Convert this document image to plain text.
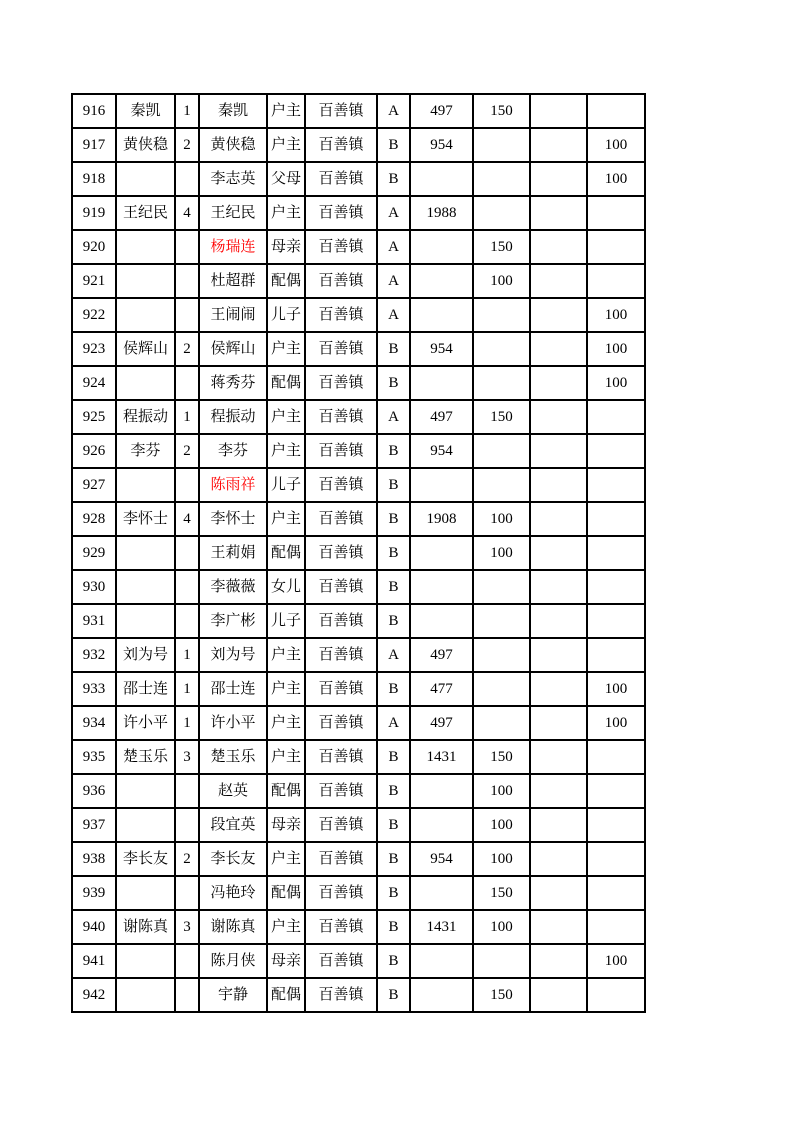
916	秦凯	1	秦凯	户主	百善镇	A	497	150		
917	黄侠稳	2	黄侠稳	户主	百善镇	B	954			100
918			李志英	父母	百善镇	B				100
919	王纪民	4	王纪民	户主	百善镇	A	1988			
920			杨瑞连	母亲	百善镇	A		150		
921			杜超群	配偶	百善镇	A		100		
922			王闹闹	儿子	百善镇	A				100
923	侯辉山	2	侯辉山	户主	百善镇	B	954			100
924			蒋秀芬	配偶	百善镇	B				100
925	程振动	1	程振动	户主	百善镇	A	497	150		
926	李芬	2	李芬	户主	百善镇	B	954			
927			陈雨祥	儿子	百善镇	B				
928	李怀士	4	李怀士	户主	百善镇	B	1908	100		
929			王莉娟	配偶	百善镇	B		100		
930			李薇薇	女儿	百善镇	B				
931			李广彬	儿子	百善镇	B				
932	刘为号	1	刘为号	户主	百善镇	A	497			
933	邵士连	1	邵士连	户主	百善镇	B	477			100
934	许小平	1	许小平	户主	百善镇	A	497			100
935	楚玉乐	3	楚玉乐	户主	百善镇	B	1431	150		
936			赵英	配偶	百善镇	B		100		
937			段宜英	母亲	百善镇	B		100		
938	李长友	2	李长友	户主	百善镇	B	954	100		
939			冯艳玲	配偶	百善镇	B		150		
940	谢陈真	3	谢陈真	户主	百善镇	B	1431	100		
941			陈月侠	母亲	百善镇	B				100
942			宇静	配偶	百善镇	B		150		
